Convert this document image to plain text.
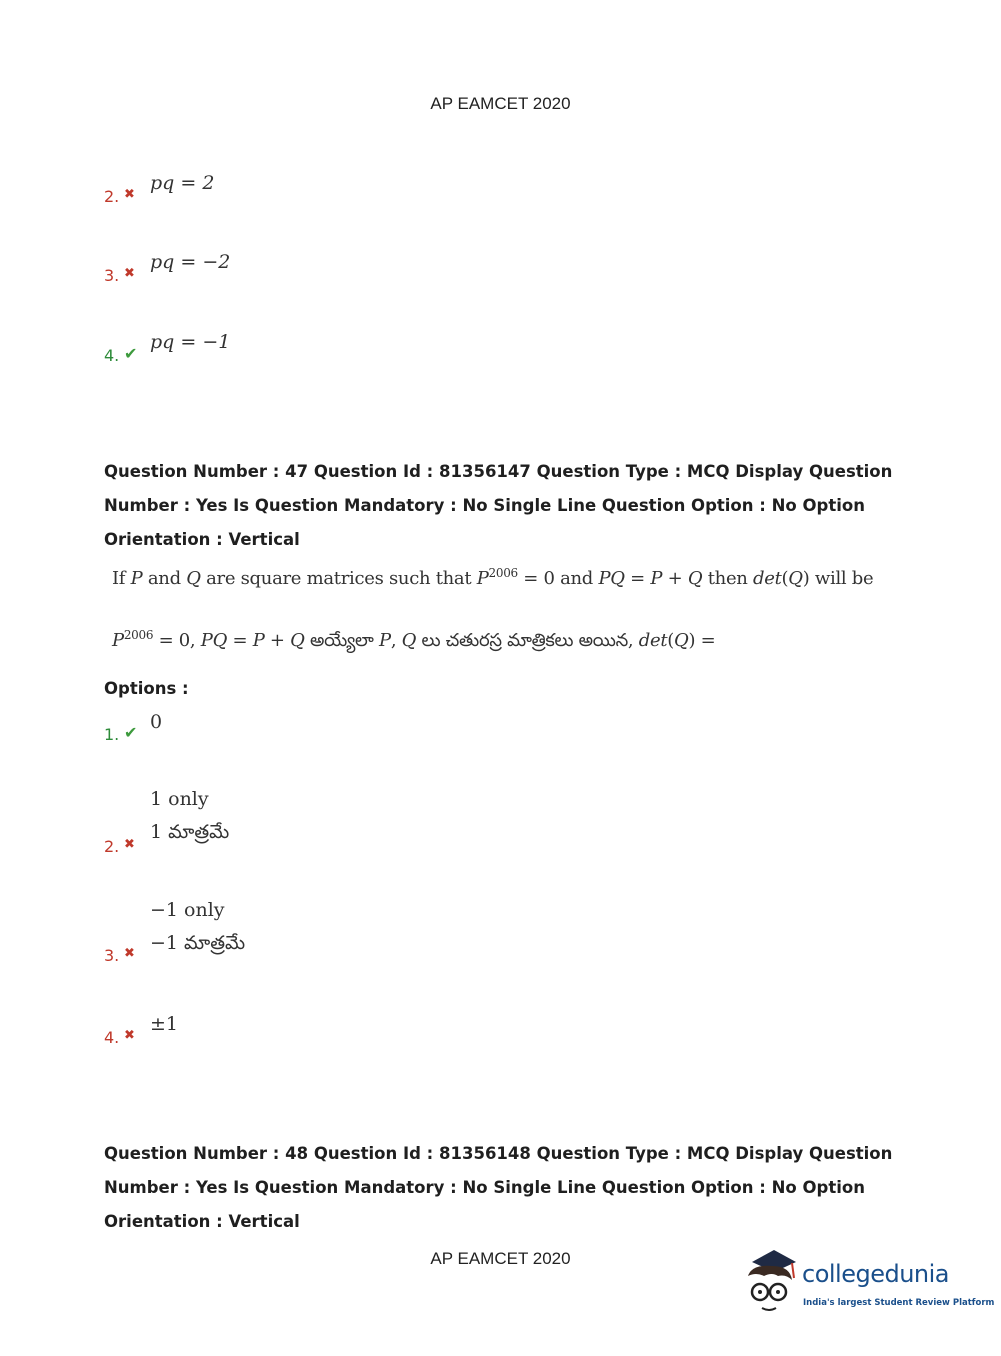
AP EAMCET 2020
2. ✖
pq = 2
3. ✖
pq = −2
4. ✔
pq = −1
Question Number : 47 Question Id : 81356147 Question Type : MCQ Display Question Number : Yes Is Question Mandatory : No Single Line Question Option : No Option Orientation : Vertical
If P and Q are square matrices such that $P^{2006} = 0$ and PQ = P + Q then det(Q) will be
$P^{2006} = 0$, PQ = P + Q అయ్యేలా P, Q లు చతురస్ర మాత్రికలు అయిన, det(Q) =
Options :
1. ✔ 0
1 only
1 మాత్రమే
2. ✖
−1 only
−1 మాత్రమే
3. ✖
4. ✖
±1
Question Number : 48 Question Id : 81356148 Question Type : MCQ Display Question Number : Yes Is Question Mandatory : No Single Line Question Option : No Option Orientation : Vertical
AP EAMCET 2020
collegedunia
India's largest Student Review Platform
